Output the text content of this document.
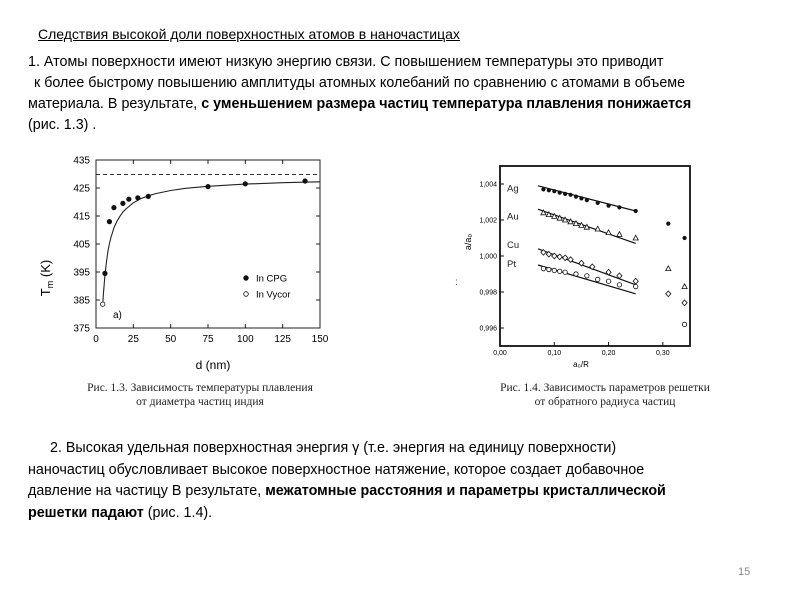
Следствия высокой доли поверхностных атомов в наночастицах
1. Атомы поверхности имеют низкую энергию связи. С повышением температуры это приводит
к более быстрому повышению амплитуды атомных колебаний по сравнению с атомами в объеме
материала. В результате, с уменьшением размера частиц температура плавления понижается
(рис. 1.3) .
0	25	50	75 100 125 150
375
385
395
405
415
425
435
In CPG
In Vycor
a)
d (nm)
$T_m$ (K)
:
0,00	0,10	0,20	0,30
1,004
1,002
1,000
0,998
0,996
Ag
Au
Cu
Pt
a/a₀
a₀/R
Рис. 1.3. Зависимость температуры плавления
от диаметра частиц индия
Рис. 1.4. Зависимость параметров решетки
от обратного радиуса частиц
2. Высокая удельная поверхностная энергия γ (т.е. энергия на единицу поверхности)
наночастиц обусловливает высокое поверхностное натяжение, которое создает добавочное
давление на частицу В результате, межатомные расстояния и параметры кристаллической
решетки падают (рис. 1.4).
15
